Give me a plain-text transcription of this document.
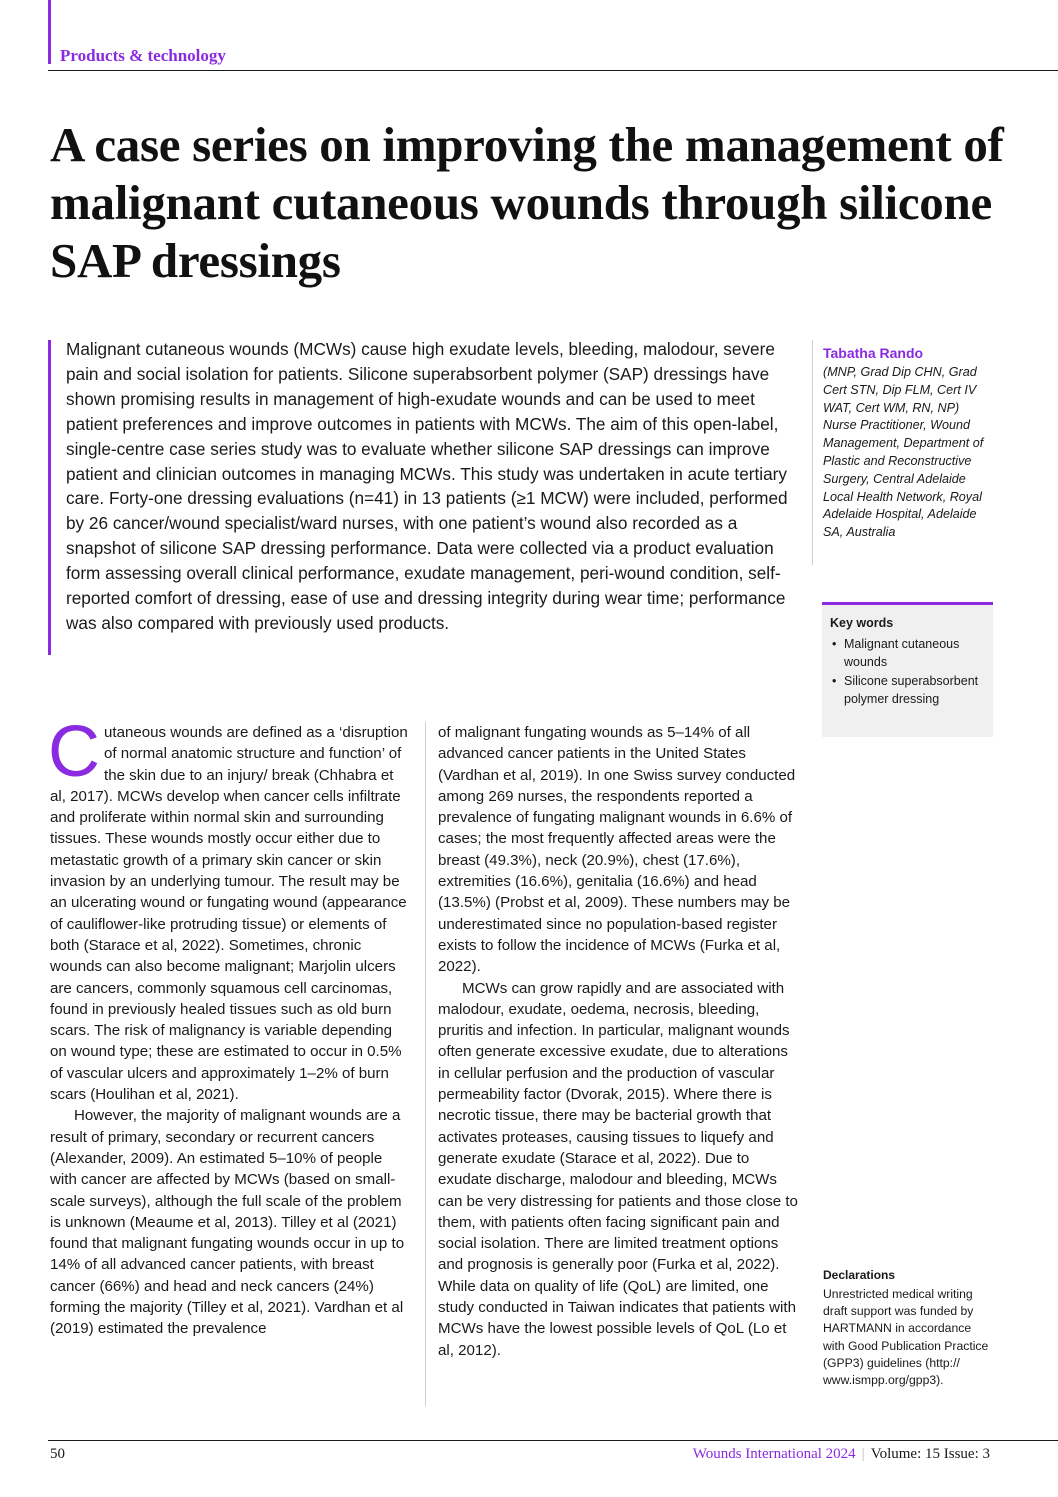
Products & technology
A case series on improving the management of malignant cutaneous wounds through silicone SAP dressings

Malignant cutaneous wounds (MCWs) cause high exudate levels, bleeding, malodour, severe pain and social isolation for patients. Silicone superabsorbent polymer (SAP) dressings have shown promising results in management of high-exudate wounds and can be used to meet patient preferences and improve outcomes in patients with MCWs. The aim of this open-label, single-centre case series study was to evaluate whether silicone SAP dressings can improve patient and clinician outcomes in managing MCWs. This study was undertaken in acute tertiary care. Forty-one dressing evaluations (n=41) in 13 patients (≥1 MCW) were included, performed by 26 cancer/wound specialist/ward nurses, with one patient’s wound also recorded as a snapshot of silicone SAP dressing performance. Data were collected via a product evaluation form assessing overall clinical performance, exudate management, peri-wound condition, self-reported comfort of dressing, ease of use and dressing integrity during wear time; performance was also compared with previously used products.

Tabatha Rando

(MNP, Grad Dip CHN, Grad Cert STN, Dip FLM, Cert IV WAT, Cert WM, RN, NP) Nurse Practitioner, Wound Management, Department of Plastic and Reconstructive Surgery, Central Adelaide Local Health Network, Royal Adelaide Hospital, Adelaide SA, Australia

Key words
• Malignant cutaneous wounds
• Silicone superabsorbent polymer dressing

Cutaneous wounds are defined as a ‘disruption of normal anatomic structure and function’ of the skin due to an injury/ break (Chhabra et al, 2017). MCWs develop when cancer cells infiltrate and proliferate within normal skin and surrounding tissues. These wounds mostly occur either due to metastatic growth of a primary skin cancer or skin invasion by an underlying tumour. The result may be an ulcerating wound or fungating wound (appearance of cauliflower-like protruding tissue) or elements of both (Starace et al, 2022). Sometimes, chronic wounds can also become malignant; Marjolin ulcers are cancers, commonly squamous cell carcinomas, found in previously healed tissues such as old burn scars. The risk of malignancy is variable depending on wound type; these are estimated to occur in 0.5% of vascular ulcers and approximately 1–2% of burn scars (Houlihan et al, 2021).

However, the majority of malignant wounds are a result of primary, secondary or recurrent cancers (Alexander, 2009). An estimated 5–10% of people with cancer are affected by MCWs (based on small-scale surveys), although the full scale of the problem is unknown (Meaume et al, 2013). Tilley et al (2021) found that malignant fungating wounds occur in up to 14% of all advanced cancer patients, with breast cancer (66%) and head and neck cancers (24%) forming the majority (Tilley et al, 2021). Vardhan et al (2019) estimated the prevalence

of malignant fungating wounds as 5–14% of all advanced cancer patients in the United States (Vardhan et al, 2019). In one Swiss survey conducted among 269 nurses, the respondents reported a prevalence of fungating malignant wounds in 6.6% of cases; the most frequently affected areas were the breast (49.3%), neck (20.9%), chest (17.6%), extremities (16.6%), genitalia (16.6%) and head (13.5%) (Probst et al, 2009). These numbers may be underestimated since no population-based register exists to follow the incidence of MCWs (Furka et al, 2022).

MCWs can grow rapidly and are associated with malodour, exudate, oedema, necrosis, bleeding, pruritis and infection. In particular, malignant wounds often generate excessive exudate, due to alterations in cellular perfusion and the production of vascular permeability factor (Dvorak, 2015). Where there is necrotic tissue, there may be bacterial growth that activates proteases, causing tissues to liquefy and generate exudate (Starace et al, 2022). Due to exudate discharge, malodour and bleeding, MCWs can be very distressing for patients and those close to them, with patients often facing significant pain and social isolation. There are limited treatment options and prognosis is generally poor (Furka et al, 2022). While data on quality of life (QoL) are limited, one study conducted in Taiwan indicates that patients with MCWs have the lowest possible levels of QoL (Lo et al, 2012).

Declarations

Unrestricted medical writing draft support was funded by HARTMANN in accordance with Good Publication Practice (GPP3) guidelines (http:// www.ismpp.org/gpp3).

50	Wounds International 2024 | Volume: 15 Issue: 3
